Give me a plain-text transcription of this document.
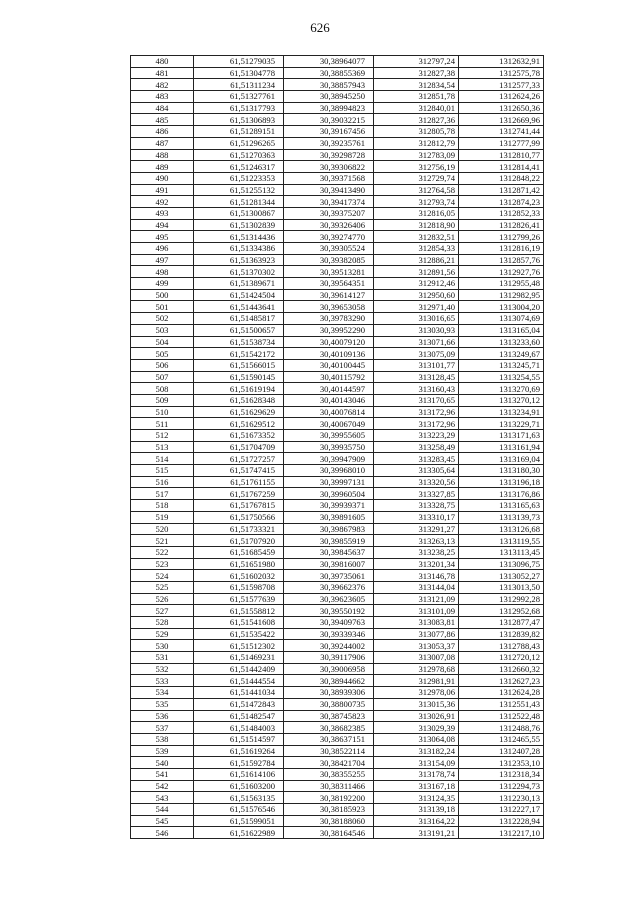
626
480	61,51279035	30,38964077	312797,24	1312632,91
481	61,51304778	30,38855369	312827,38	1312575,78
482	61,51311234	30,38857943	312834,54	1312577,33
483	61,51327761	30,38945250	312851,78	1312624,26
484	61,51317793	30,38994823	312840,01	1312650,36
485	61,51306893	30,39032215	312827,36	1312669,96
486	61,51289151	30,39167456	312805,78	1312741,44
487	61,51296265	30,39235761	312812,79	1312777,99
488	61,51270363	30,39298728	312783,09	1312810,77
489	61,51246317	30,39306822	312756,19	1312814,41
490	61,51223353	30,39371568	312729,74	1312848,22
491	61,51255132	30,39413490	312764,58	1312871,42
492	61,51281344	30,39417374	312793,74	1312874,23
493	61,51300867	30,39375207	312816,05	1312852,33
494	61,51302839	30,39326406	312818,90	1312826,41
495	61,51314436	30,39274770	312832,51	1312799,26
496	61,51334386	30,39305524	312854,33	1312816,19
497	61,51363923	30,39382085	312886,21	1312857,76
498	61,51370302	30,39513281	312891,56	1312927,76
499	61,51389671	30,39564351	312912,46	1312955,48
500	61,51424504	30,39614127	312950,60	1312982,95
501	61,51443641	30,39653058	312971,40	1313004,20
502	61,51485817	30,39783290	313016,65	1313074,69
503	61,51500657	30,39952290	313030,93	1313165,04
504	61,51538734	30,40079120	313071,66	1313233,60
505	61,51542172	30,40109136	313075,09	1313249,67
506	61,51566015	30,40100445	313101,77	1313245,71
507	61,51590145	30,40115792	313128,45	1313254,55
508	61,51619194	30,40144597	313160,43	1313270,69
509	61,51628348	30,40143046	313170,65	1313270,12
510	61,51629629	30,40076814	313172,96	1313234,91
511	61,51629512	30,40067049	313172,96	1313229,71
512	61,51673352	30,39955605	313223,29	1313171,63
513	61,51704709	30,39935750	313258,49	1313161,94
514	61,51727257	30,39947909	313283,45	1313169,04
515	61,51747415	30,39968010	313305,64	1313180,30
516	61,51761155	30,39997131	313320,56	1313196,18
517	61,51767259	30,39960504	313327,85	1313176,86
518	61,51767815	30,39939371	313328,75	1313165,63
519	61,51750566	30,39891605	313310,17	1313139,73
520	61,51733321	30,39867983	313291,27	1313126,68
521	61,51707920	30,39855919	313263,13	1313119,55
522	61,51685459	30,39845637	313238,25	1313113,45
523	61,51651980	30,39816007	313201,34	1313096,75
524	61,51602032	30,39735061	313146,78	1313052,27
525	61,51598708	30,39662376	313144,04	1313013,50
526	61,51577639	30,39623605	313121,09	1312992,28
527	61,51558812	30,39550192	313101,09	1312952,68
528	61,51541608	30,39409763	313083,81	1312877,47
529	61,51535422	30,39339346	313077,86	1312839,82
530	61,51512302	30,39244002	313053,37	1312788,43
531	61,51469231	30,39117906	313007,08	1312720,12
532	61,51442409	30,39006958	312978,68	1312660,32
533	61,51444554	30,38944662	312981,91	1312627,23
534	61,51441034	30,38939306	312978,06	1312624,28
535	61,51472843	30,38800735	313015,36	1312551,43
536	61,51482547	30,38745823	313026,91	1312522,48
537	61,51484003	30,38682385	313029,39	1312488,76
538	61,51514597	30,38637151	313064,08	1312465,55
539	61,51619264	30,38522114	313182,24	1312407,28
540	61,51592784	30,38421704	313154,09	1312353,10
541	61,51614106	30,38355255	313178,74	1312318,34
542	61,51603200	30,38311466	313167,18	1312294,73
543	61,51563135	30,38192200	313124,35	1312230,13
544	61,51576546	30,38185923	313139,18	1312227,17
545	61,51599051	30,38188060	313164,22	1312228,94
546	61,51622989	30,38164546	313191,21	1312217,10
